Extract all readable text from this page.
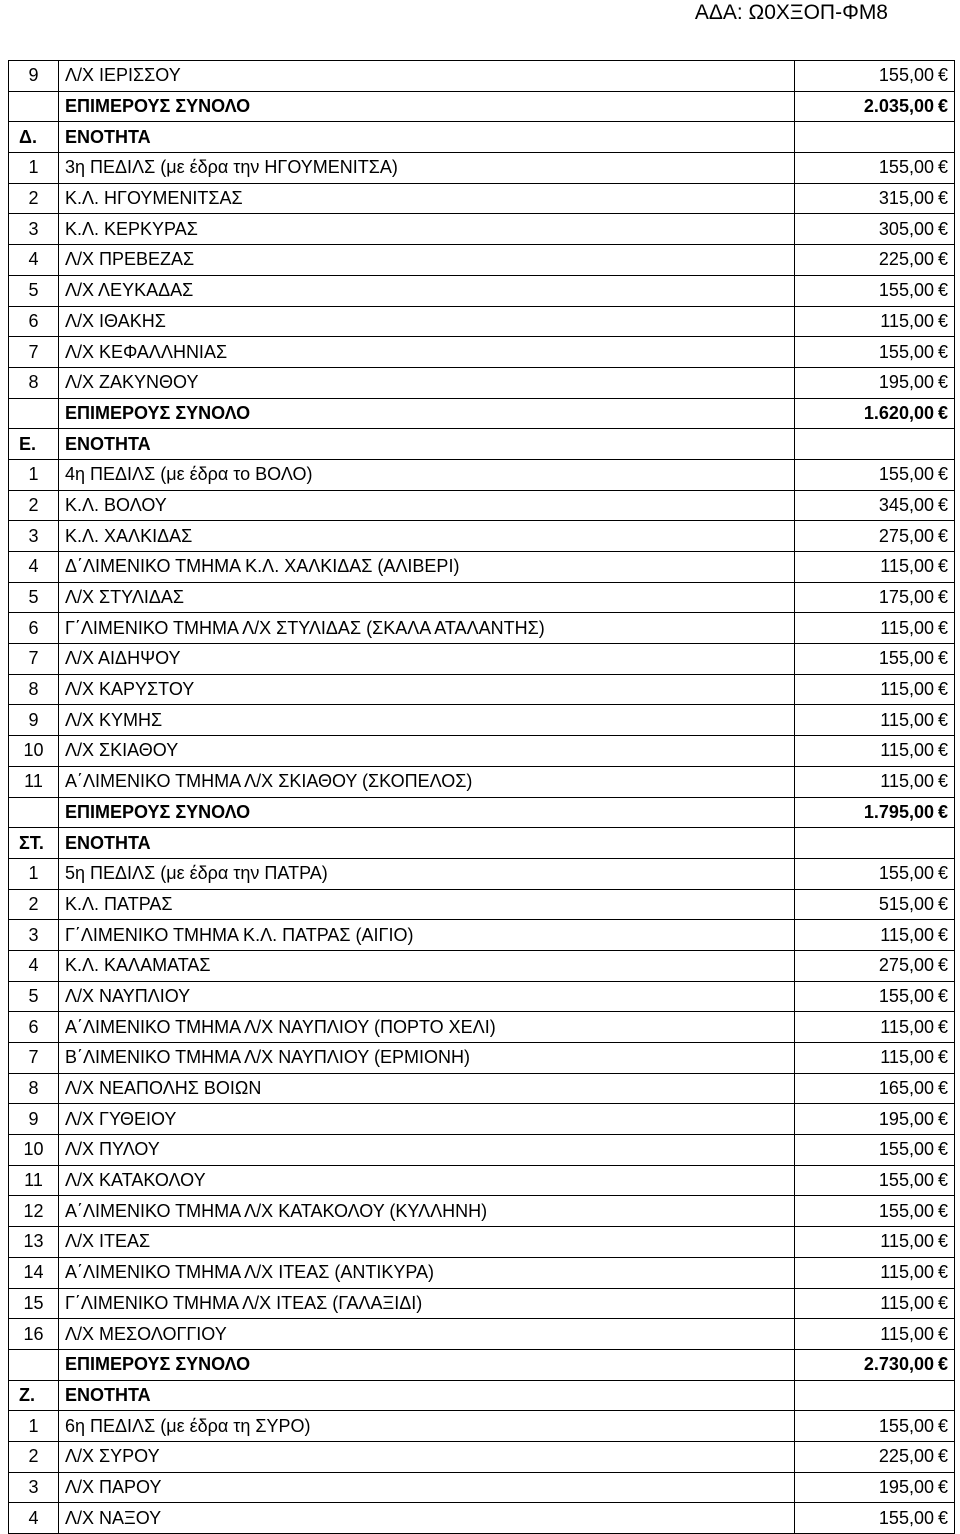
ΑΔΑ: Ω0ΧΞΟΠ-ΦΜ8
9	Λ/Χ ΙΕΡΙΣΣΟΥ	155,00 €
	ΕΠΙΜΕΡΟΥΣ ΣΥΝΟΛΟ	2.035,00 €
Δ.	ΕΝΟΤΗΤΑ	
1	3η ΠΕΔΙΛΣ (με έδρα την ΗΓΟΥΜΕΝΙΤΣΑ)	155,00 €
2	Κ.Λ. ΗΓΟΥΜΕΝΙΤΣΑΣ	315,00 €
3	Κ.Λ. ΚΕΡΚΥΡΑΣ	305,00 €
4	Λ/Χ ΠΡΕΒΕΖΑΣ	225,00 €
5	Λ/Χ ΛΕΥΚΑΔΑΣ	155,00 €
6	Λ/Χ ΙΘΑΚΗΣ	115,00 €
7	Λ/Χ ΚΕΦΑΛΛΗΝΙΑΣ	155,00 €
8	Λ/Χ ΖΑΚΥΝΘΟΥ	195,00 €
	ΕΠΙΜΕΡΟΥΣ ΣΥΝΟΛΟ	1.620,00 €
Ε.	ΕΝΟΤΗΤΑ	
1	4η ΠΕΔΙΛΣ (με έδρα το ΒΟΛΟ)	155,00 €
2	Κ.Λ. ΒΟΛΟΥ	345,00 €
3	Κ.Λ. ΧΑΛΚΙΔΑΣ	275,00 €
4	Δ΄ΛΙΜΕΝΙΚΟ ΤΜΗΜΑ Κ.Λ. ΧΑΛΚΙΔΑΣ (ΑΛΙΒΕΡΙ)	115,00 €
5	Λ/Χ ΣΤΥΛΙΔΑΣ	175,00 €
6	Γ΄ΛΙΜΕΝΙΚΟ ΤΜΗΜΑ Λ/Χ ΣΤΥΛΙΔΑΣ (ΣΚΑΛΑ ΑΤΑΛΑΝΤΗΣ)	115,00 €
7	Λ/Χ ΑΙΔΗΨΟΥ	155,00 €
8	Λ/Χ ΚΑΡΥΣΤΟΥ	115,00 €
9	Λ/Χ ΚΥΜΗΣ	115,00 €
10	Λ/Χ ΣΚΙΑΘΟΥ	115,00 €
11	Α΄ΛΙΜΕΝΙΚΟ ΤΜΗΜΑ Λ/Χ ΣΚΙΑΘΟΥ (ΣΚΟΠΕΛΟΣ)	115,00 €
	ΕΠΙΜΕΡΟΥΣ ΣΥΝΟΛΟ	1.795,00 €
ΣΤ.	ΕΝΟΤΗΤΑ	
1	5η ΠΕΔΙΛΣ (με έδρα την ΠΑΤΡΑ)	155,00 €
2	Κ.Λ. ΠΑΤΡΑΣ	515,00 €
3	Γ΄ΛΙΜΕΝΙΚΟ ΤΜΗΜΑ Κ.Λ. ΠΑΤΡΑΣ (ΑΙΓΙΟ)	115,00 €
4	Κ.Λ. ΚΑΛΑΜΑΤΑΣ	275,00 €
5	Λ/Χ ΝΑΥΠΛΙΟΥ	155,00 €
6	Α΄ΛΙΜΕΝΙΚΟ ΤΜΗΜΑ Λ/Χ ΝΑΥΠΛΙΟΥ (ΠΟΡΤΟ ΧΕΛΙ)	115,00 €
7	Β΄ΛΙΜΕΝΙΚΟ ΤΜΗΜΑ Λ/Χ ΝΑΥΠΛΙΟΥ (ΕΡΜΙΟΝΗ)	115,00 €
8	Λ/Χ ΝΕΑΠΟΛΗΣ ΒΟΙΩΝ	165,00 €
9	Λ/Χ ΓΥΘΕΙΟΥ	195,00 €
10	Λ/Χ ΠΥΛΟΥ	155,00 €
11	Λ/Χ ΚΑΤΑΚΟΛΟΥ	155,00 €
12	Α΄ΛΙΜΕΝΙΚΟ ΤΜΗΜΑ Λ/Χ ΚΑΤΑΚΟΛΟΥ (ΚΥΛΛΗΝΗ)	155,00 €
13	Λ/Χ ΙΤΕΑΣ	115,00 €
14	Α΄ΛΙΜΕΝΙΚΟ ΤΜΗΜΑ Λ/Χ ΙΤΕΑΣ (ΑΝΤΙΚΥΡΑ)	115,00 €
15	Γ΄ΛΙΜΕΝΙΚΟ ΤΜΗΜΑ Λ/Χ ΙΤΕΑΣ (ΓΑΛΑΞΙΔΙ)	115,00 €
16	Λ/Χ ΜΕΣΟΛΟΓΓΙΟΥ	115,00 €
	ΕΠΙΜΕΡΟΥΣ ΣΥΝΟΛΟ	2.730,00 €
Ζ.	ΕΝΟΤΗΤΑ	
1	6η ΠΕΔΙΛΣ (με έδρα τη ΣΥΡΟ)	155,00 €
2	Λ/Χ ΣΥΡΟΥ	225,00 €
3	Λ/Χ ΠΑΡΟΥ	195,00 €
4	Λ/Χ ΝΑΞΟΥ	155,00 €
